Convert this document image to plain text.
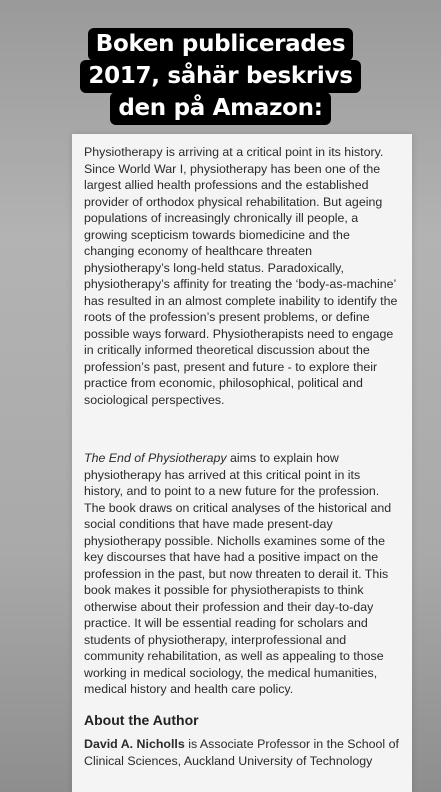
Boken publicerades
2017, såhär beskrivs
den på Amazon:

Physiotherapy is arriving at a critical point in its history. Since World War I, physiotherapy has been one of the largest allied health professions and the established provider of orthodox physical rehabilitation. But ageing populations of increasingly chronically ill people, a growing scepticism towards biomedicine and the changing economy of healthcare threaten physiotherapy’s long-held status. Paradoxically, physiotherapy’s affinity for treating the ‘body-as-machine’ has resulted in an almost complete inability to identify the roots of the profession’s present problems, or define possible ways forward. Physiotherapists need to engage in critically informed theoretical discussion about the profession’s past, present and future - to explore their practice from economic, philosophical, political and sociological perspectives.

The End of Physiotherapy aims to explain how physiotherapy has arrived at this critical point in its history, and to point to a new future for the profession. The book draws on critical analyses of the historical and social conditions that have made present-day physiotherapy possible. Nicholls examines some of the key discourses that have had a positive impact on the profession in the past, but now threaten to derail it. This book makes it possible for physiotherapists to think otherwise about their profession and their day-to-day practice. It will be essential reading for scholars and students of physiotherapy, interprofessional and community rehabilitation, as well as appealing to those working in medical sociology, the medical humanities, medical history and health care policy.

About the Author

David A. Nicholls is Associate Professor in the School of Clinical Sciences, Auckland University of Technology
